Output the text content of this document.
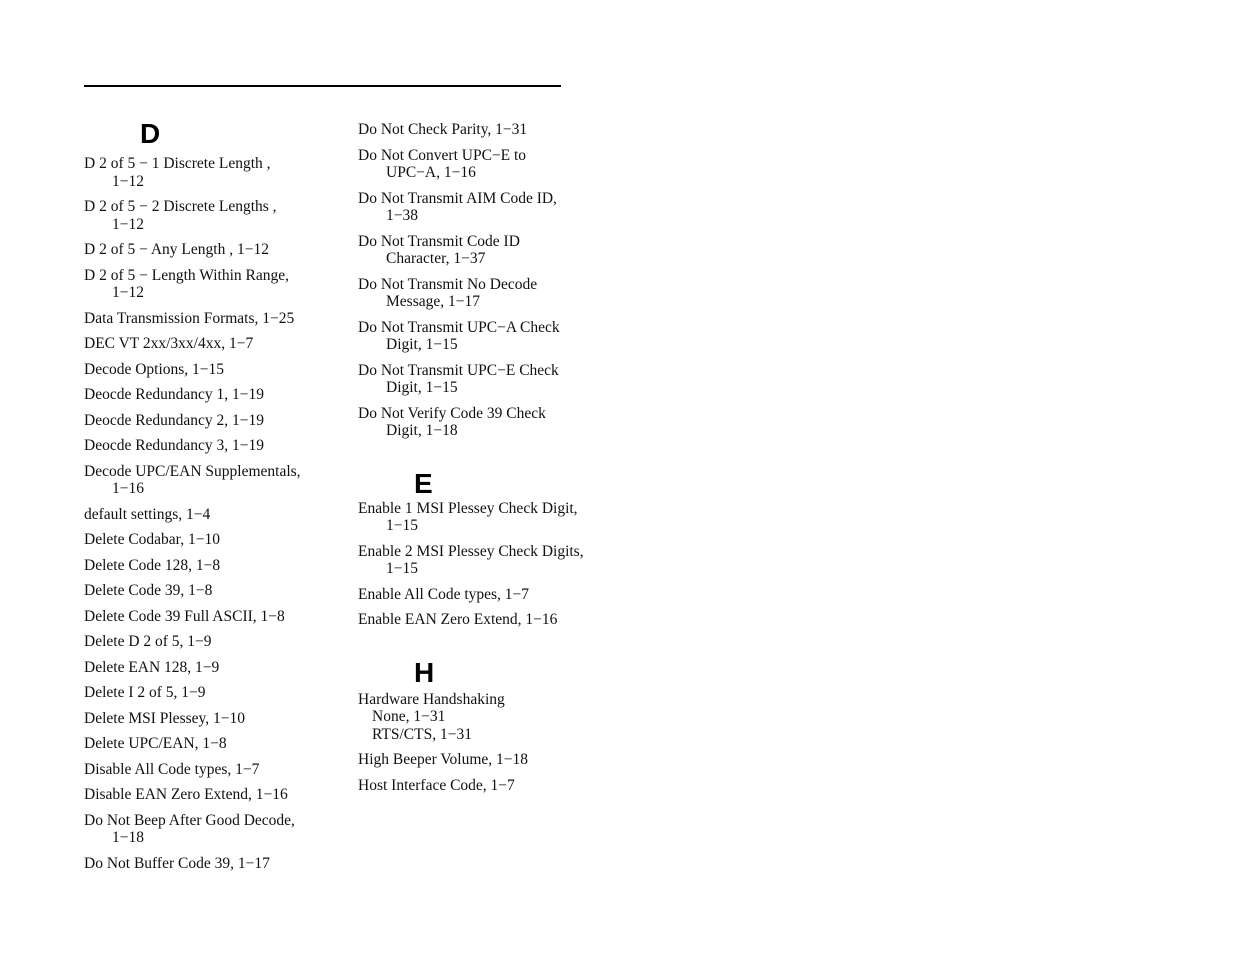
D
D 2 of 5 − 1 Discrete Length ,
1−12
D 2 of 5 − 2 Discrete Lengths ,
1−12
D 2 of 5 − Any Length , 1−12
D 2 of 5 − Length Within Range,
1−12
Data Transmission Formats, 1−25
DEC VT 2xx/3xx/4xx, 1−7
Decode Options, 1−15
Deocde Redundancy 1, 1−19
Deocde Redundancy 2, 1−19
Deocde Redundancy 3, 1−19
Decode UPC/EAN Supplementals,
1−16
default settings, 1−4
Delete Codabar, 1−10
Delete Code 128, 1−8
Delete Code 39, 1−8
Delete Code 39 Full ASCII, 1−8
Delete D 2 of 5, 1−9
Delete EAN 128, 1−9
Delete I 2 of 5, 1−9
Delete MSI Plessey, 1−10
Delete UPC/EAN, 1−8
Disable All Code types, 1−7
Disable EAN Zero Extend, 1−16
Do Not Beep After Good Decode,
1−18
Do Not Buffer Code 39, 1−17
Do Not Check Parity, 1−31
Do Not Convert UPC−E to
UPC−A, 1−16
Do Not Transmit AIM Code ID,
1−38
Do Not Transmit Code ID
Character, 1−37
Do Not Transmit No Decode
Message, 1−17
Do Not Transmit UPC−A Check
Digit, 1−15
Do Not Transmit UPC−E Check
Digit, 1−15
Do Not Verify Code 39 Check
Digit, 1−18
E
Enable 1 MSI Plessey Check Digit,
1−15
Enable 2 MSI Plessey Check Digits,
1−15
Enable All Code types, 1−7
Enable EAN Zero Extend, 1−16
H
Hardware Handshaking
None, 1−31
RTS/CTS, 1−31
High Beeper Volume, 1−18
Host Interface Code, 1−7
